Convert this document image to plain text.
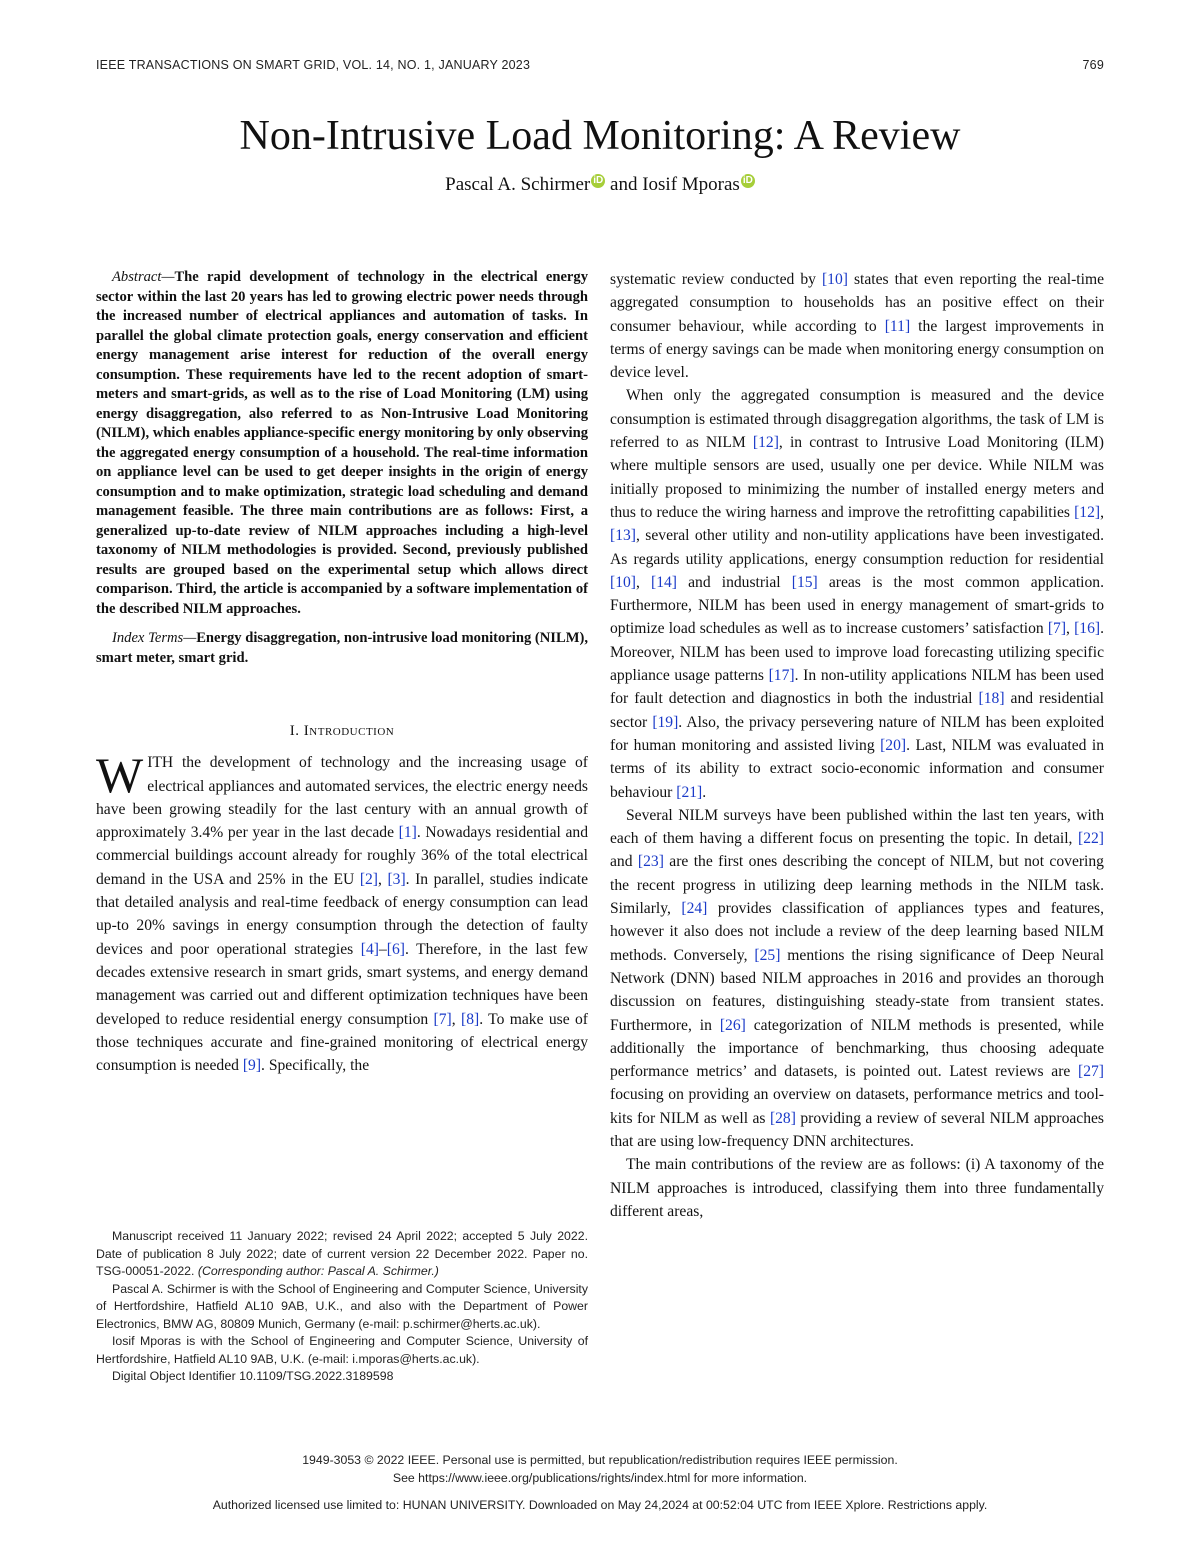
IEEE TRANSACTIONS ON SMART GRID, VOL. 14, NO. 1, JANUARY 2023	769
Non-Intrusive Load Monitoring: A Review
Pascal A. Schirmer iD and Iosif Mporas iD

Abstract—The rapid development of technology in the electrical energy sector within the last 20 years has led to growing electric power needs through the increased number of electrical appliances and automation of tasks. In parallel the global climate protection goals, energy conservation and efficient energy management arise interest for reduction of the overall energy consumption. These requirements have led to the recent adoption of smart-meters and smart-grids, as well as to the rise of Load Monitoring (LM) using energy disaggregation, also referred to as Non-Intrusive Load Monitoring (NILM), which enables appliance-specific energy monitoring by only observing the aggregated energy consumption of a household. The real-time information on appliance level can be used to get deeper insights in the origin of energy consumption and to make optimization, strategic load scheduling and demand management feasible. The three main contributions are as follows: First, a generalized up-to-date review of NILM approaches including a high-level taxonomy of NILM methodologies is provided. Second, previously published results are grouped based on the experimental setup which allows direct comparison. Third, the article is accompanied by a software implementation of the described NILM approaches.

Index Terms—Energy disaggregation, non-intrusive load monitoring (NILM), smart meter, smart grid.

I. Introduction

WITH the development of technology and the increasing usage of electrical appliances and automated services, the electric energy needs have been growing steadily for the last century with an annual growth of approximately 3.4% per year in the last decade [1]. Nowadays residential and commercial buildings account already for roughly 36% of the total electrical demand in the USA and 25% in the EU [2], [3]. In parallel, studies indicate that detailed analysis and real-time feedback of energy consumption can lead up-to 20% savings in energy consumption through the detection of faulty devices and poor operational strategies [4]–[6]. Therefore, in the last few decades extensive research in smart grids, smart systems, and energy demand management was carried out and different optimization techniques have been developed to reduce residential energy consumption [7], [8]. To make use of those techniques accurate and fine-grained monitoring of electrical energy consumption is needed [9]. Specifically, the

Manuscript received 11 January 2022; revised 24 April 2022; accepted 5 July 2022. Date of publication 8 July 2022; date of current version 22 December 2022. Paper no. TSG-00051-2022. (Corresponding author: Pascal A. Schirmer.)

Pascal A. Schirmer is with the School of Engineering and Computer Science, University of Hertfordshire, Hatfield AL10 9AB, U.K., and also with the Department of Power Electronics, BMW AG, 80809 Munich, Germany (e-mail: p.schirmer@herts.ac.uk).

Iosif Mporas is with the School of Engineering and Computer Science, University of Hertfordshire, Hatfield AL10 9AB, U.K. (e-mail: i.mporas@herts.ac.uk).

Digital Object Identifier 10.1109/TSG.2022.3189598

systematic review conducted by [10] states that even reporting the real-time aggregated consumption to households has an positive effect on their consumer behaviour, while according to [11] the largest improvements in terms of energy savings can be made when monitoring energy consumption on device level.

When only the aggregated consumption is measured and the device consumption is estimated through disaggregation algorithms, the task of LM is referred to as NILM [12], in contrast to Intrusive Load Monitoring (ILM) where multiple sensors are used, usually one per device. While NILM was initially proposed to minimizing the number of installed energy meters and thus to reduce the wiring harness and improve the retrofitting capabilities [12], [13], several other utility and non-utility applications have been investigated. As regards utility applications, energy consumption reduction for residential [10], [14] and industrial [15] areas is the most common application. Furthermore, NILM has been used in energy management of smart-grids to optimize load schedules as well as to increase customers’ satisfaction [7], [16]. Moreover, NILM has been used to improve load forecasting utilizing specific appliance usage patterns [17]. In non-utility applications NILM has been used for fault detection and diagnostics in both the industrial [18] and residential sector [19]. Also, the privacy persevering nature of NILM has been exploited for human monitoring and assisted living [20]. Last, NILM was evaluated in terms of its ability to extract socio-economic information and consumer behaviour [21].

Several NILM surveys have been published within the last ten years, with each of them having a different focus on presenting the topic. In detail, [22] and [23] are the first ones describing the concept of NILM, but not covering the recent progress in utilizing deep learning methods in the NILM task. Similarly, [24] provides classification of appliances types and features, however it also does not include a review of the deep learning based NILM methods. Conversely, [25] mentions the rising significance of Deep Neural Network (DNN) based NILM approaches in 2016 and provides an thorough discussion on features, distinguishing steady-state from transient states. Furthermore, in [26] categorization of NILM methods is presented, while additionally the importance of benchmarking, thus choosing adequate performance metrics’ and datasets, is pointed out. Latest reviews are [27] focusing on providing an overview on datasets, performance metrics and tool-kits for NILM as well as [28] providing a review of several NILM approaches that are using low-frequency DNN architectures.

The main contributions of the review are as follows: (i) A taxonomy of the NILM approaches is introduced, classifying them into three fundamentally different areas,

1949-3053 © 2022 IEEE. Personal use is permitted, but republication/redistribution requires IEEE permission.
See https://www.ieee.org/publications/rights/index.html for more information.
Authorized licensed use limited to: HUNAN UNIVERSITY. Downloaded on May 24,2024 at 00:52:04 UTC from IEEE Xplore. Restrictions apply.
